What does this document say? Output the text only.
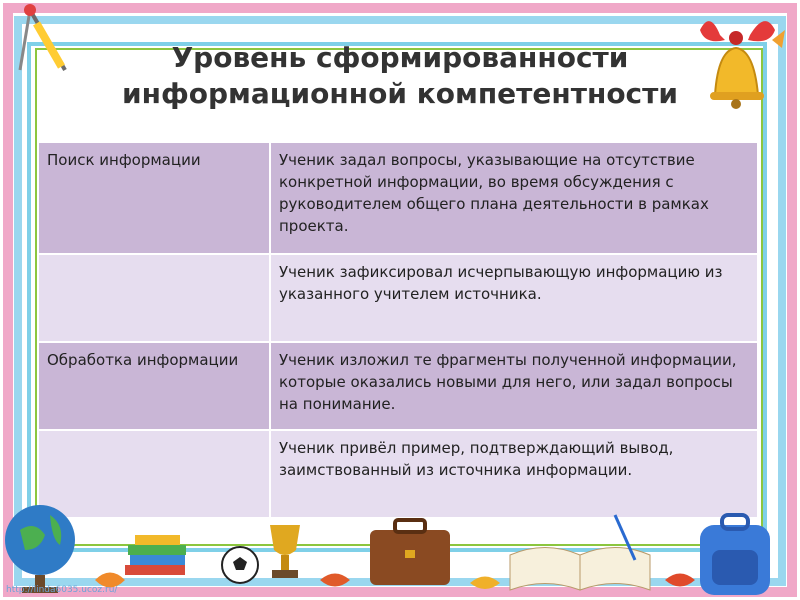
Уровень сформированности
информационной компетентности
Поиск информации	Ученик задал вопросы, указывающие на отсутствие конкретной информации, во время обсуждения с руководителем общего плана деятельности в рамках проекта.
Ученик зафиксировал исчерпывающую информацию из указанного учителем источника.
Обработка информации	Ученик изложил те фрагменты полученной информации, которые оказались новыми для него, или задал вопросы на понимание.
Ученик привёл пример, подтверждающий вывод, заимствованный из источника информации.
http://linda6035.ucoz.ru/
